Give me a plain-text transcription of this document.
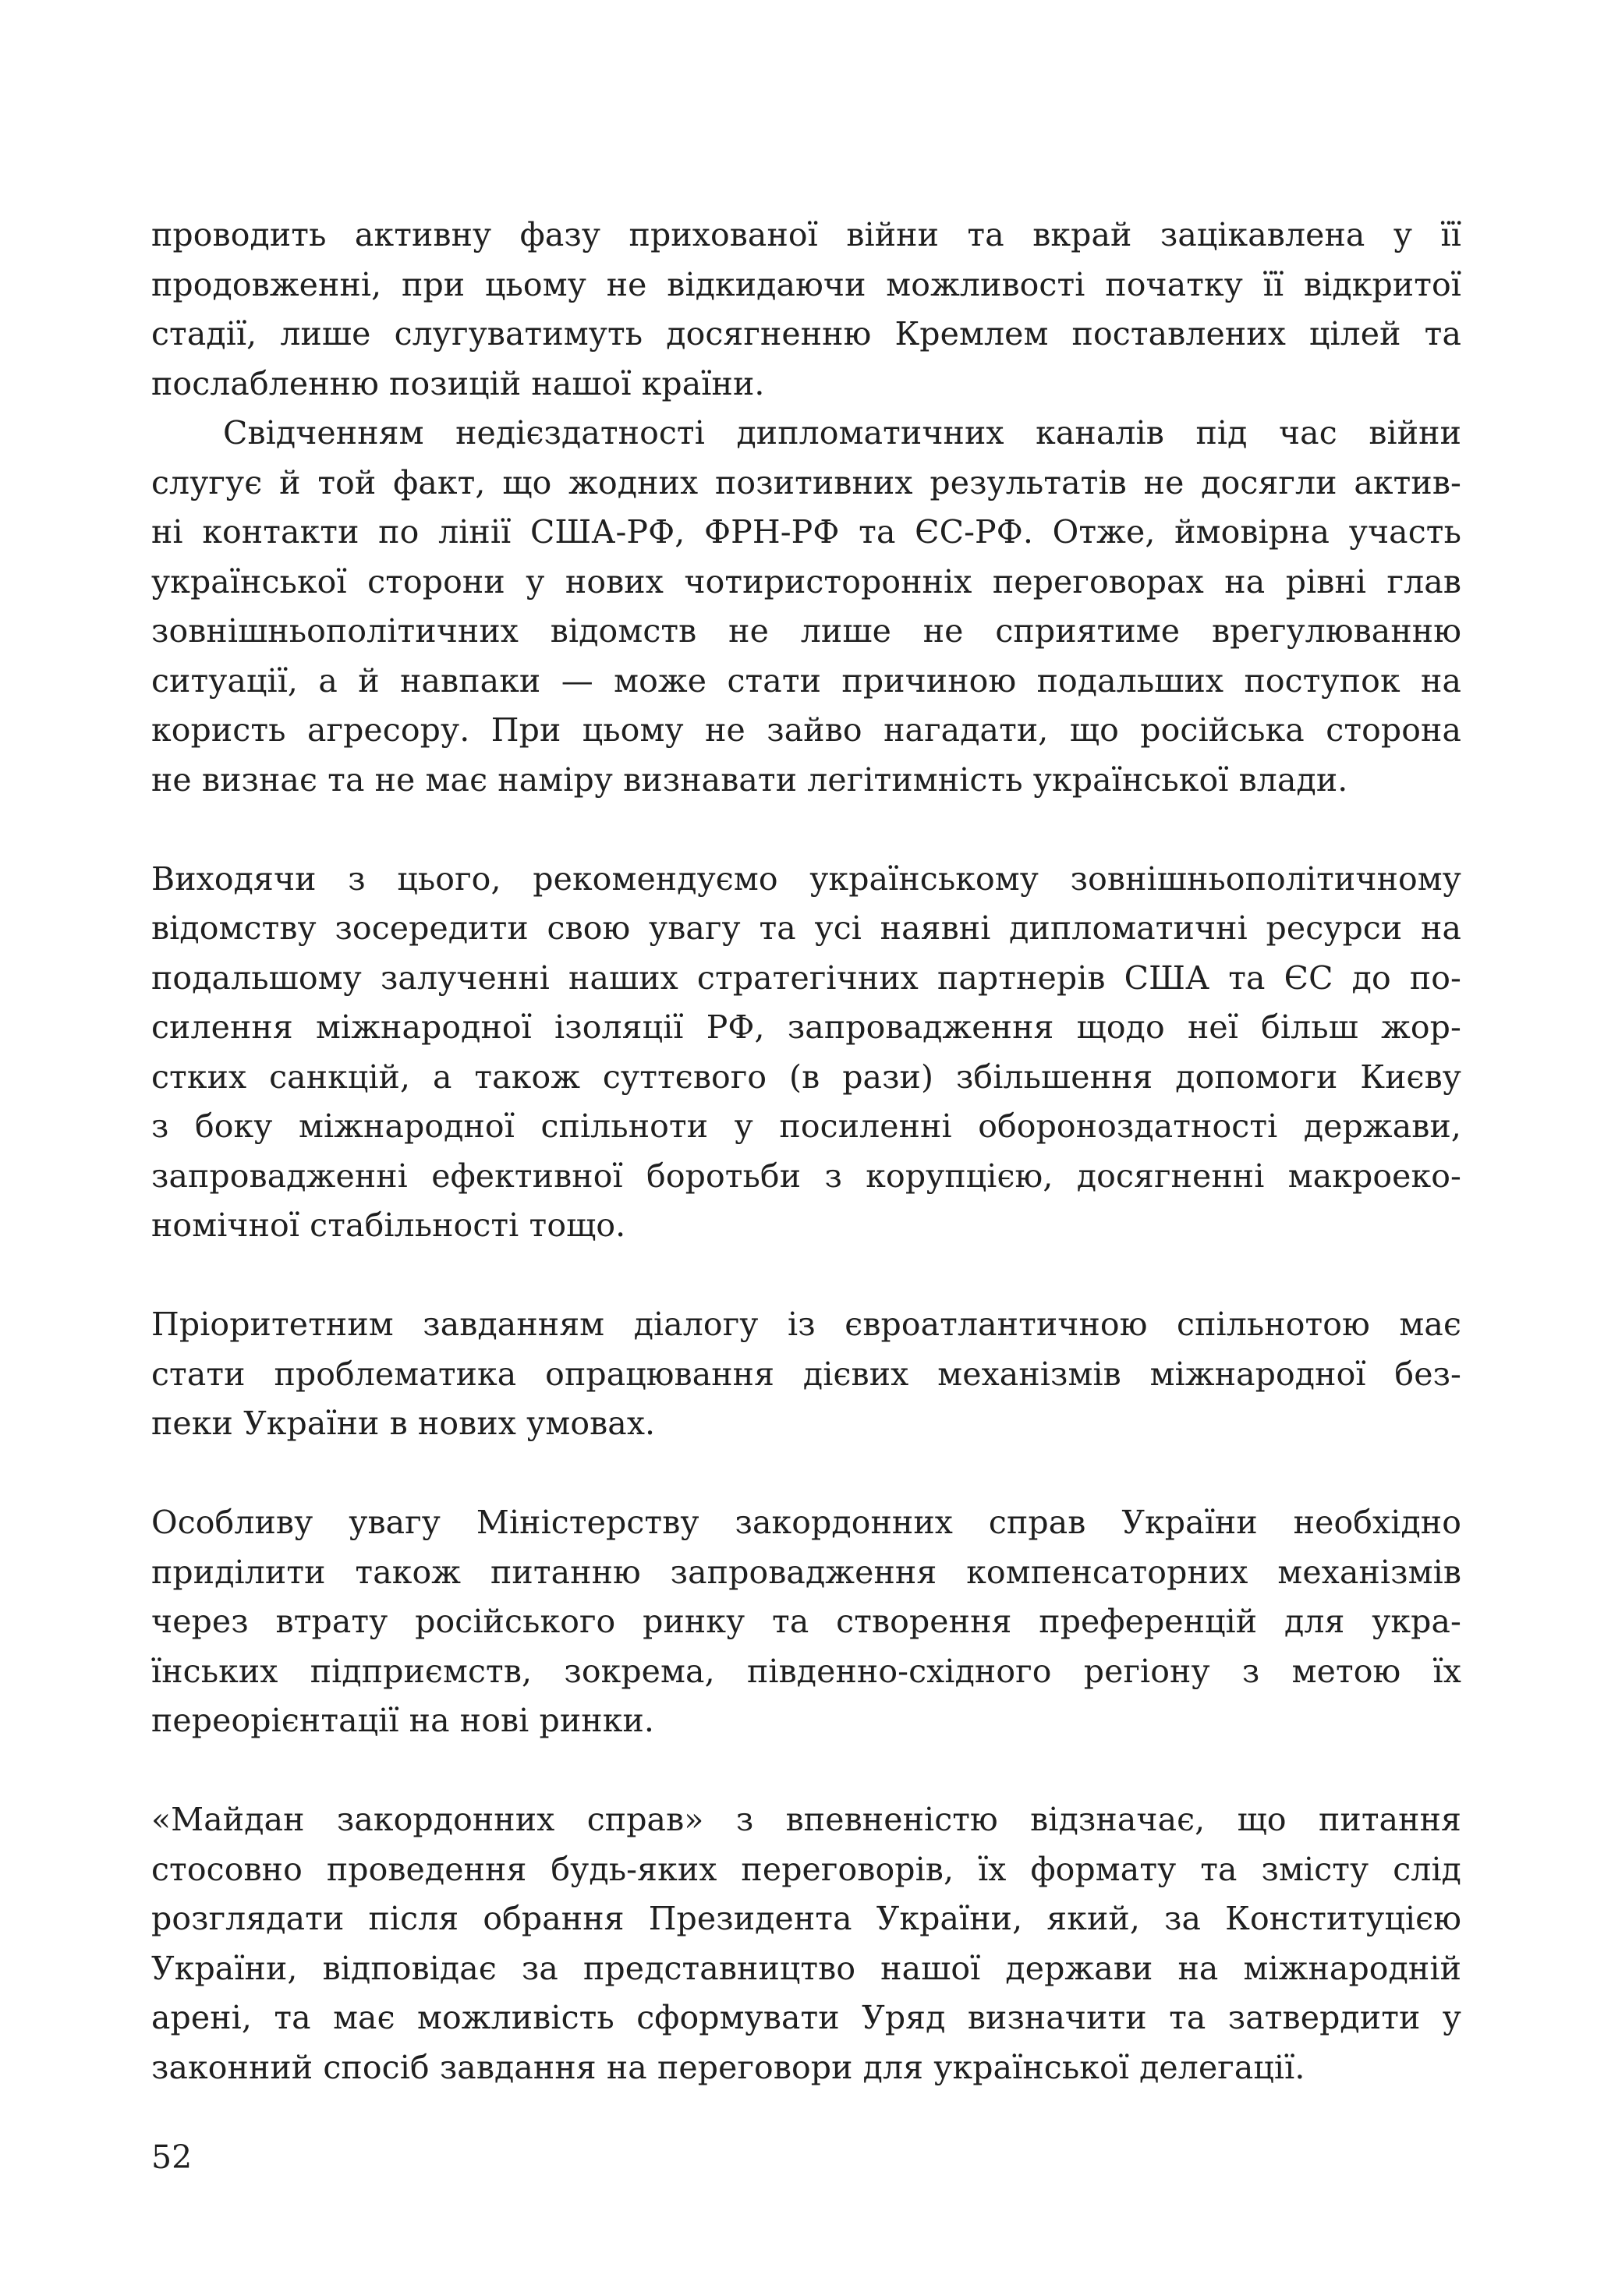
проводить активну фазу прихованої війни та вкрай зацікавлена у її
продовженні, при цьому не відкидаючи можливості початку її відкритої
стадії, лише слугуватимуть досягненню Кремлем поставлених цілей та
послабленню позицій нашої країни.
Свідченням недієздатності дипломатичних каналів під час війни
слугує й той факт, що жодних позитивних результатів не досягли актив-
ні контакти по лінії США-РФ, ФРН-РФ та ЄС-РФ. Отже, ймовірна участь
української сторони у нових чотиристоронніх переговорах на рівні глав
зовнішньополітичних відомств не лише не сприятиме врегулюванню
ситуації, а й навпаки — може стати причиною подальших поступок на
користь агресору. При цьому не зайво нагадати, що російська сторона
не визнає та не має наміру визнавати легітимність української влади.
Виходячи з цього, рекомендуємо українському зовнішньополітичному
відомству зосередити свою увагу та усі наявні дипломатичні ресурси на
подальшому залученні наших стратегічних партнерів США та ЄС до по-
силення міжнародної ізоляції РФ, запровадження щодо неї більш жор-
стких санкцій, а також суттєвого (в рази) збільшення допомоги Києву
з боку міжнародної спільноти у посиленні обороноздатності держави,
запровадженні ефективної боротьби з корупцією, досягненні макроеко-
номічної стабільності тощо.
Пріоритетним завданням діалогу із євроатлантичною спільнотою має
стати проблематика опрацювання дієвих механізмів міжнародної без-
пеки України в нових умовах.
Особливу увагу Міністерству закордонних справ України необхідно
приділити також питанню запровадження компенсаторних механізмів
через втрату російського ринку та створення преференцій для укра-
їнських підприємств, зокрема, південно-східного регіону з метою їх
переорієнтації на нові ринки.
«Майдан закордонних справ» з впевненістю відзначає, що питання
стосовно проведення будь-яких переговорів, їх формату та змісту слід
розглядати після обрання Президента України, який, за Конституцією
України, відповідає за представництво нашої держави на міжнародній
арені, та має можливість сформувати Уряд визначити та затвердити у
законний спосіб завдання на переговори для української делегації.
52
